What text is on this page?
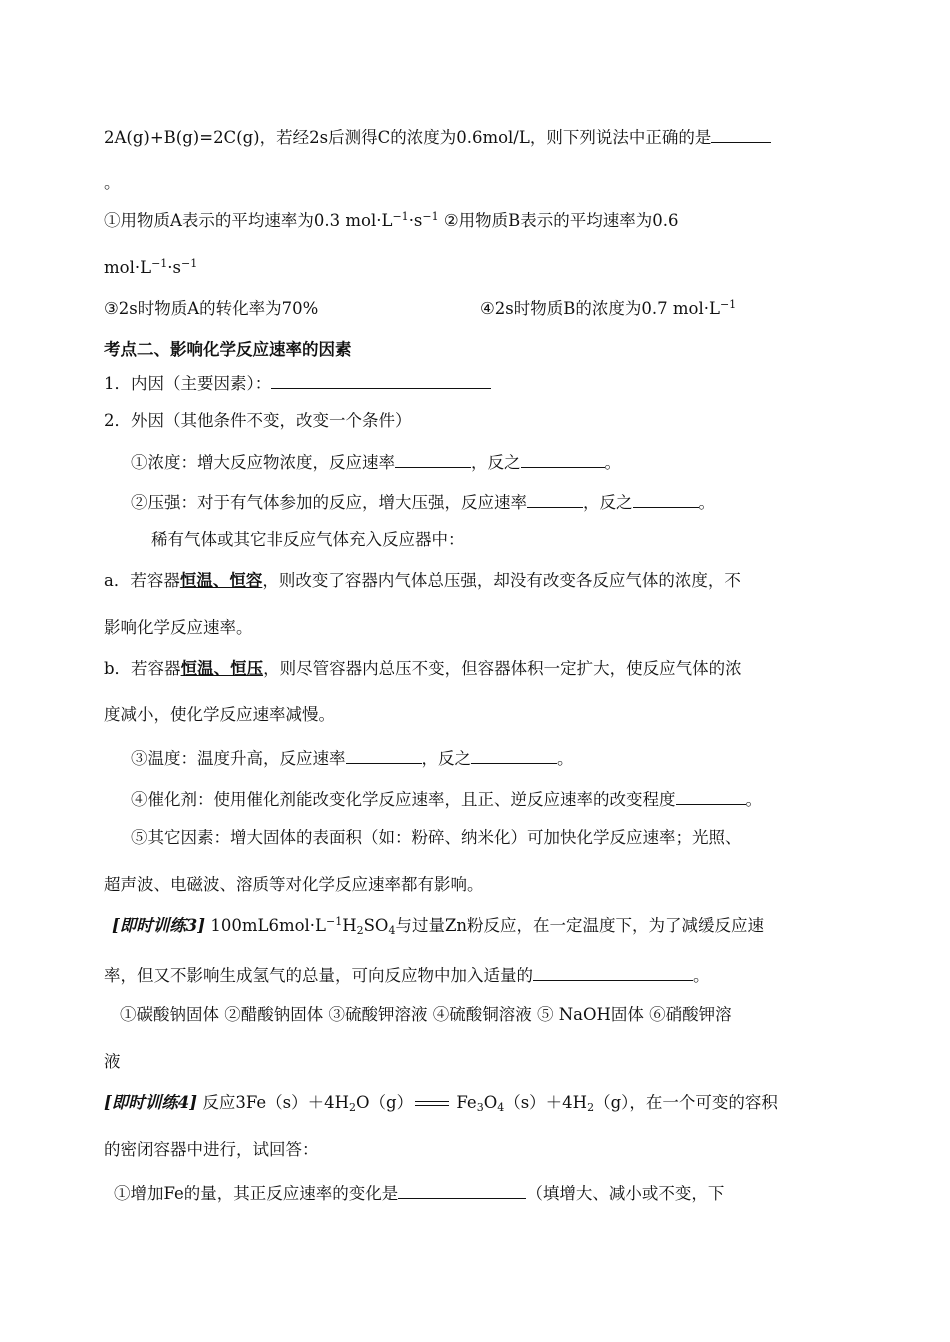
2A(g)+B(g)=2C(g)，若经2s后测得C的浓度为0.6mol/L，则下列说法中正确的是
。
①用物质A表示的平均速率为0.3 $mol\cdot L^{-1}\cdot s^{-1}$ ②用物质B表示的平均速率为0.6
$mol\cdot L^{-1}\cdot s^{-1}$
③2s时物质A的转化率为70%	④2s时物质B的浓度为0.7 $mol\cdot L^{-1}$
考点二、影响化学反应速率的因素
1．内因（主要因素）：
2．外因（其他条件不变，改变一个条件）
①浓度：增大反应物浓度，反应速率	，反之	。
②压强：对于有气体参加的反应，增大压强，反应速率	，反之	。
稀有气体或其它非反应气体充入反应器中：
a．若容器恒温、恒容，则改变了容器内气体总压强，却没有改变各反应气体的浓度，不
影响化学反应速率。
b．若容器恒温、恒压，则尽管容器内总压不变，但容器体积一定扩大，使反应气体的浓
度减小，使化学反应速率减慢。
③温度：温度升高，反应速率	，反之	。
④催化剂：使用催化剂能改变化学反应速率，且正、逆反应速率的改变程度	。
⑤其它因素：增大固体的表面积（如：粉碎、纳米化）可加快化学反应速率；光照、
超声波、电磁波、溶质等对化学反应速率都有影响。
[即时训练3] $100mL6mol\cdot L^{-1}H_2SO_4$与过量Zn粉反应，在一定温度下，为了减缓反应速
率，但又不影响生成氢气的总量，可向反应物中加入适量的	。
①碳酸钠固体 ②醋酸钠固体 ③硫酸钾溶液 ④硫酸铜溶液 ⑤ NaOH固体 ⑥硝酸钾溶
液
[即时训练4] 反应$3Fe(s)+4H_2O(g)$ $Fe_3O_4(s)+4H_2(g)$，在一个可变的容积
的密闭容器中进行，试回答：
①增加Fe的量，其正反应速率的变化是	（填增大、减小或不变，下
